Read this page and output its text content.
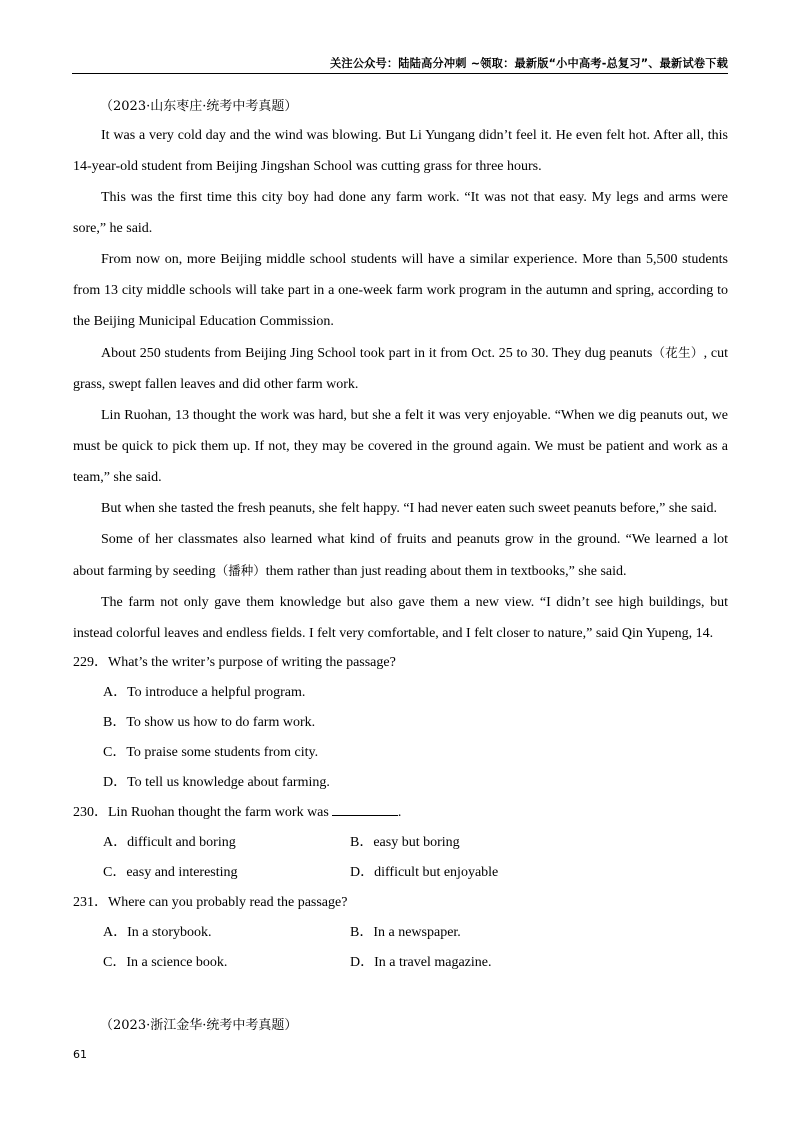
关注公众号：陆陆高分冲刺 ~领取：最新版“小中高考-总复习”、最新试卷下载
（2023·山东枣庄·统考中考真题）

It was a very cold day and the wind was blowing. But Li Yungang didn’t feel it. He even felt hot. After all, this 14-year-old student from Beijing Jingshan School was cutting grass for three hours.

This was the first time this city boy had done any farm work. “It was not that easy. My legs and arms were sore,” he said.

From now on, more Beijing middle school students will have a similar experience. More than 5,500 students from 13 city middle schools will take part in a one-week farm work program in the autumn and spring, according to the Beijing Municipal Education Commission.

About 250 students from Beijing Jing School took part in it from Oct. 25 to 30. They dug peanuts（花生）, cut grass, swept fallen leaves and did other farm work.

Lin Ruohan, 13 thought the work was hard, but she a felt it was very enjoyable. “When we dig peanuts out, we must be quick to pick them up. If not, they may be covered in the ground again. We must be patient and work as a team,” she said.

But when she tasted the fresh peanuts, she felt happy. “I had never eaten such sweet peanuts before,” she said.

Some of her classmates also learned what kind of fruits and peanuts grow in the ground. “We learned a lot about farming by seeding（播种）them rather than just reading about them in textbooks,” she said.

The farm not only gave them knowledge but also gave them a new view. “I didn’t see high buildings, but instead colorful leaves and endless fields. I felt very comfortable, and I felt closer to nature,” said Qin Yupeng, 14.

229．What’s the writer’s purpose of writing the passage?
A．To introduce a helpful program.
B．To show us how to do farm work.
C．To praise some students from city.
D．To tell us knowledge about farming.
230．Lin Ruohan thought the farm work was	.
A．difficult and boring	B．easy but boring
C．easy and interesting	D．difficult but enjoyable
231．Where can you probably read the passage?
A．In a storybook.	B．In a newspaper.
C．In a science book.	D．In a travel magazine.
（2023·浙江金华·统考中考真题）
61
